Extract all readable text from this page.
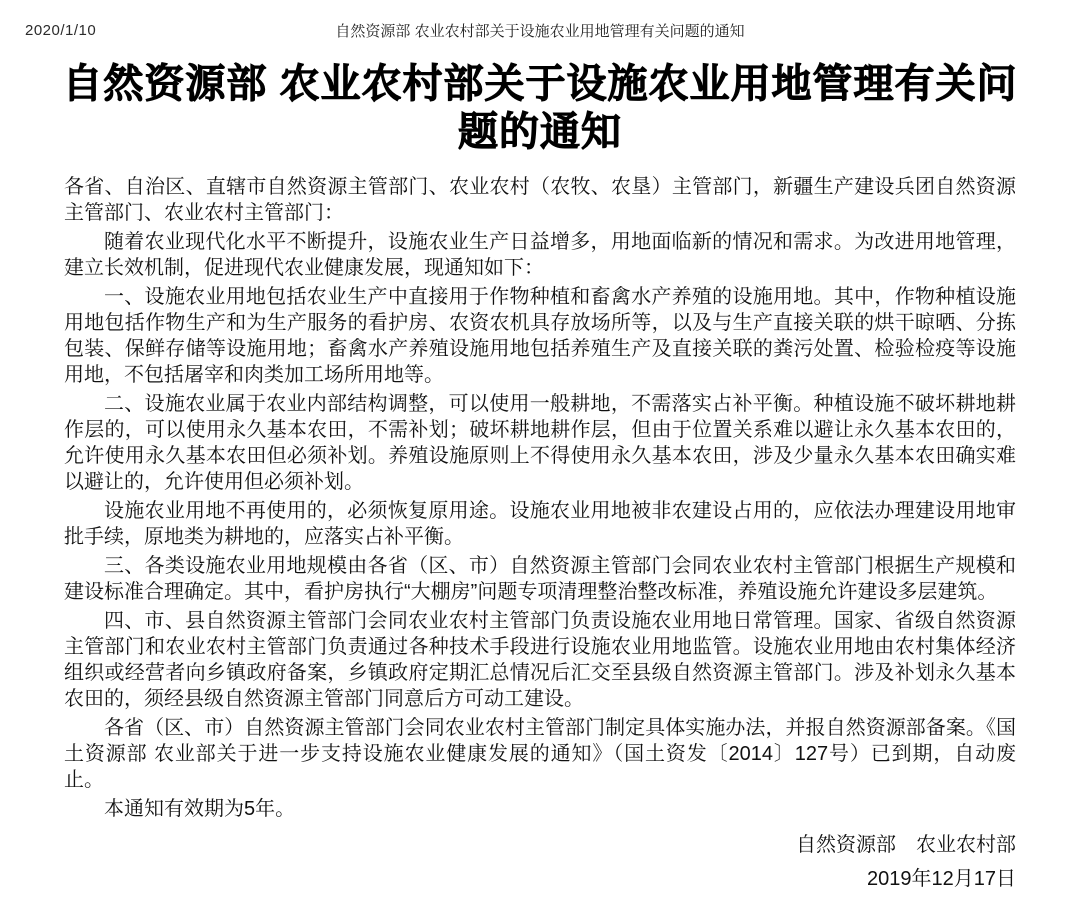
2020/1/10	自然资源部 农业农村部关于设施农业用地管理有关问题的通知
自然资源部 农业农村部关于设施农业用地管理有关问题的通知

各省、自治区、直辖市自然资源主管部门、农业农村（农牧、农垦）主管部门，新疆生产建设兵团自然资源主管部门、农业农村主管部门：

随着农业现代化水平不断提升，设施农业生产日益增多，用地面临新的情况和需求。为改进用地管理，建立长效机制，促进现代农业健康发展，现通知如下：

一、设施农业用地包括农业生产中直接用于作物种植和畜禽水产养殖的设施用地。其中，作物种植设施用地包括作物生产和为生产服务的看护房、农资农机具存放场所等，以及与生产直接关联的烘干晾晒、分拣包装、保鲜存储等设施用地；畜禽水产养殖设施用地包括养殖生产及直接关联的粪污处置、检验检疫等设施用地，不包括屠宰和肉类加工场所用地等。

二、设施农业属于农业内部结构调整，可以使用一般耕地，不需落实占补平衡。种植设施不破坏耕地耕作层的，可以使用永久基本农田，不需补划；破坏耕地耕作层，但由于位置关系难以避让永久基本农田的，允许使用永久基本农田但必须补划。养殖设施原则上不得使用永久基本农田，涉及少量永久基本农田确实难以避让的，允许使用但必须补划。

设施农业用地不再使用的，必须恢复原用途。设施农业用地被非农建设占用的，应依法办理建设用地审批手续，原地类为耕地的，应落实占补平衡。

三、各类设施农业用地规模由各省（区、市）自然资源主管部门会同农业农村主管部门根据生产规模和建设标准合理确定。其中，看护房执行“大棚房”问题专项清理整治整改标准，养殖设施允许建设多层建筑。

四、市、县自然资源主管部门会同农业农村主管部门负责设施农业用地日常管理。国家、省级自然资源主管部门和农业农村主管部门负责通过各种技术手段进行设施农业用地监管。设施农业用地由农村集体经济组织或经营者向乡镇政府备案，乡镇政府定期汇总情况后汇交至县级自然资源主管部门。涉及补划永久基本农田的，须经县级自然资源主管部门同意后方可动工建设。

各省（区、市）自然资源主管部门会同农业农村主管部门制定具体实施办法，并报自然资源部备案。《国土资源部 农业部关于进一步支持设施农业健康发展的通知》（国土资发〔2014〕127号）已到期，自动废止。

本通知有效期为5年。

自然资源部　农业农村部

2019年12月17日
